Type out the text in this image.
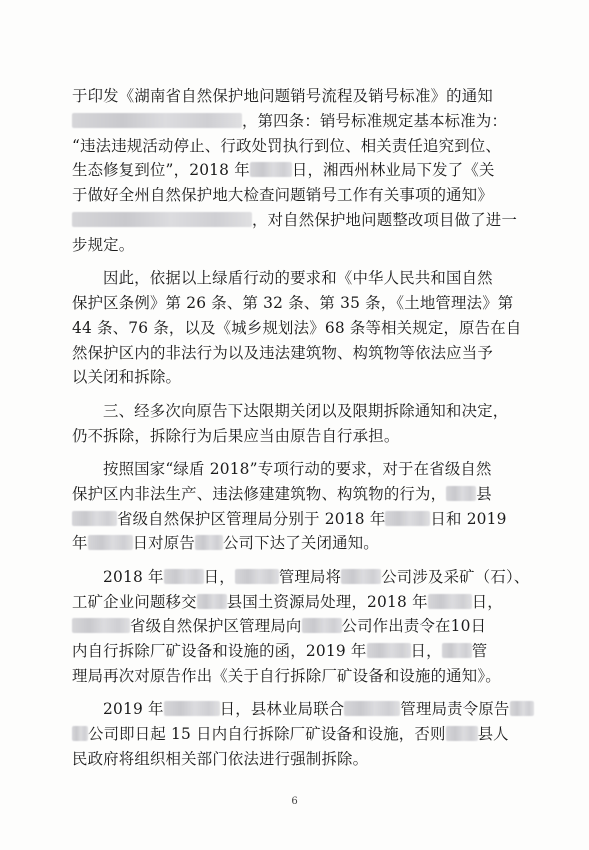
于印发《湖南省自然保护地问题销号流程及销号标准》的通知
，第四条：销号标准规定基本标准为：
“违法违规活动停止、行政处罚执行到位、相关责任追究到位、
生态修复到位”，2018 年	日，湘西州林业局下发了《关
于做好全州自然保护地大检查问题销号工作有关事项的通知》
，对自然保护地问题整改项目做了进一
步规定。
因此，依据以上绿盾行动的要求和《中华人民共和国自然
保护区条例》第 26 条、第 32 条、第 35 条，《土地管理法》第
44 条、76 条，以及《城乡规划法》68 条等相关规定，原告在自
然保护区内的非法行为以及违法建筑物、构筑物等依法应当予
以关闭和拆除。
三、经多次向原告下达限期关闭以及限期拆除通知和决定，
仍不拆除，拆除行为后果应当由原告自行承担。
按照国家“绿盾 2018”专项行动的要求，对于在省级自然
保护区内非法生产、违法修建建筑物、构筑物的行为， 县
省级自然保护区管理局分别于 2018 年	日和 2019
年	日对原告 公司下达了关闭通知。
2018 年	日，	管理局将	公司涉及采矿（石）、
工矿企业问题移交 县国土资源局处理，2018 年	日，
省级自然保护区管理局向	公司作出责令在10日
内自行拆除厂矿设备和设施的函，2019 年	日， 管
理局再次对原告作出《关于自行拆除厂矿设备和设施的通知》。
2019 年	日，县林业局联合	管理局责令原告
公司即日起 15 日内自行拆除厂矿设备和设施，否则 县人
民政府将组织相关部门依法进行强制拆除。
6
